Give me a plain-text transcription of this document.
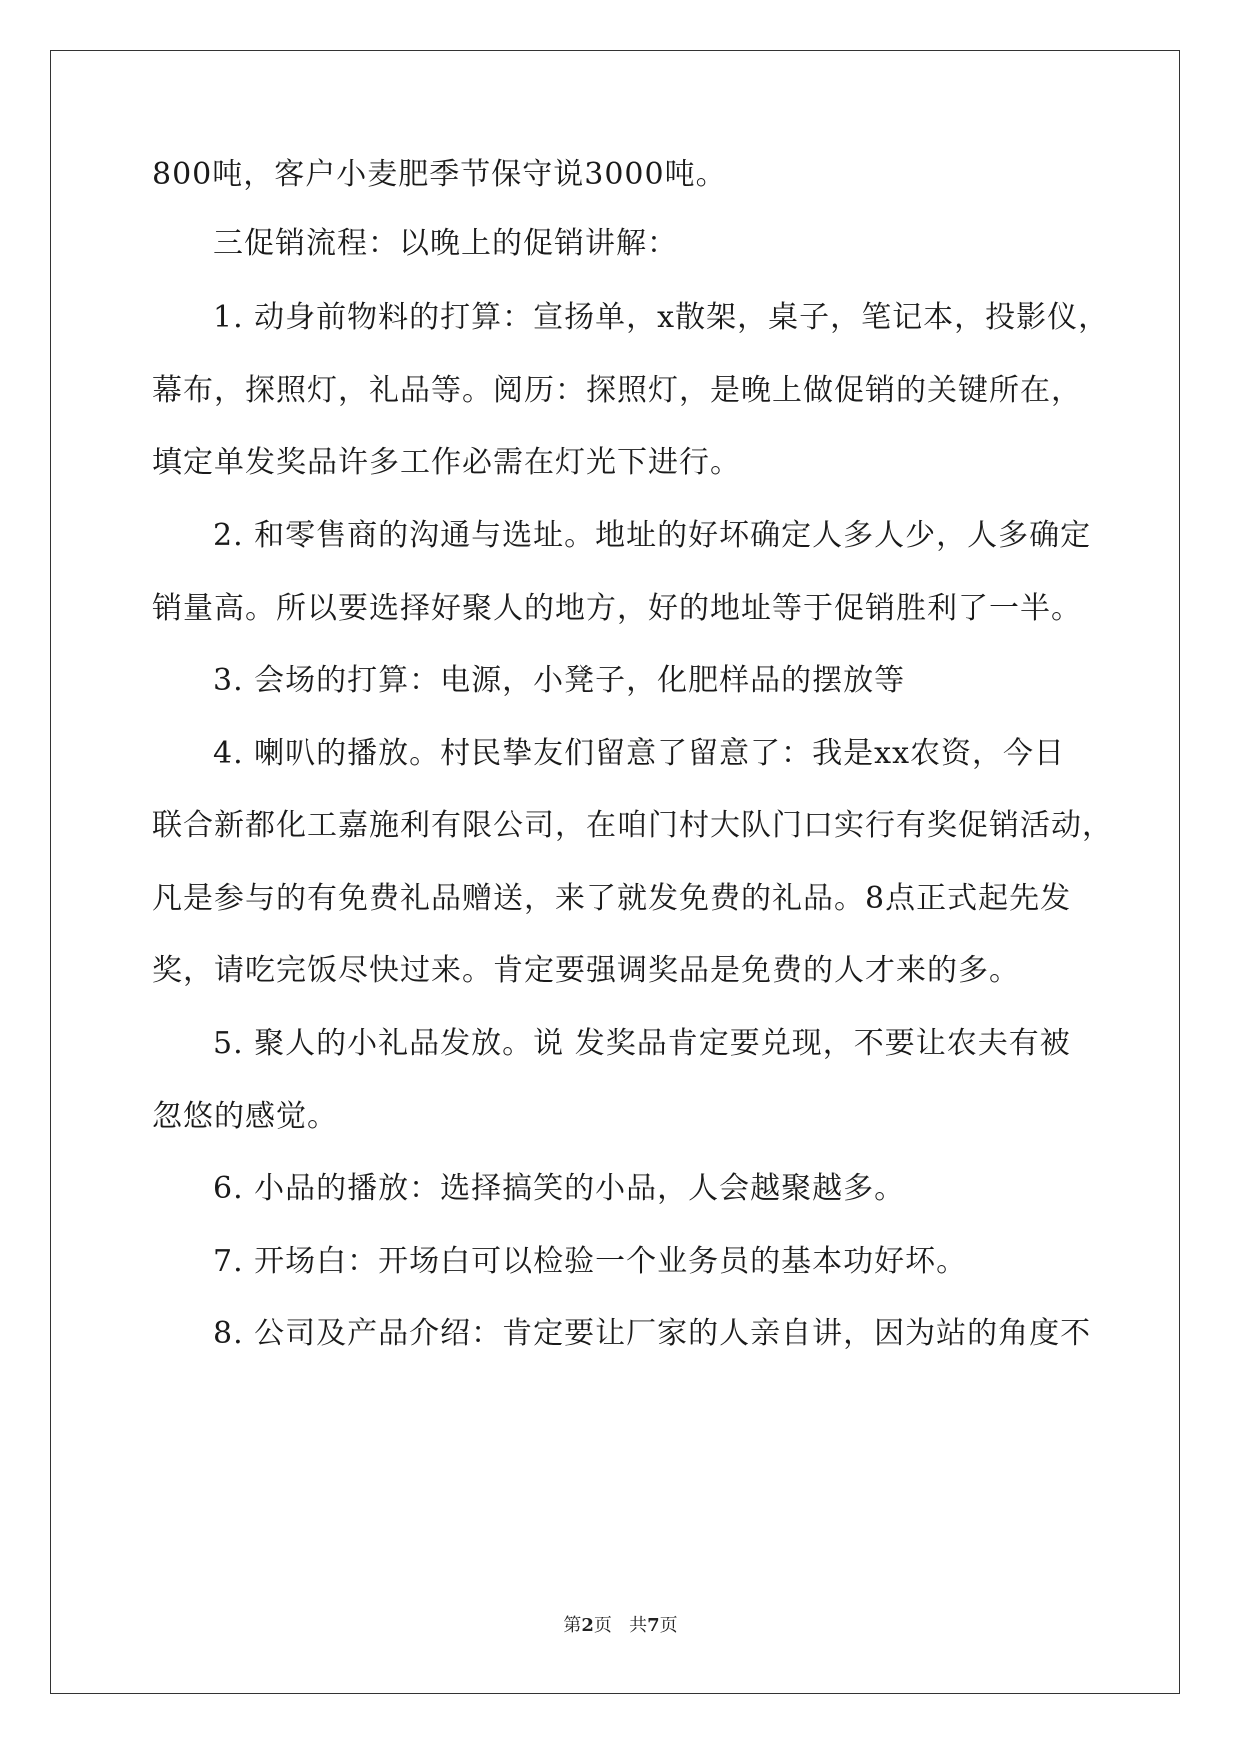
800吨，客户小麦肥季节保守说3000吨。
三促销流程：以晚上的促销讲解：
1. 动身前物料的打算：宣扬单，x散架，桌子，笔记本，投影仪，
幕布，探照灯，礼品等。阅历：探照灯，是晚上做促销的关键所在，
填定单发奖品许多工作必需在灯光下进行。
2. 和零售商的沟通与选址。地址的好坏确定人多人少，人多确定
销量高。所以要选择好聚人的地方，好的地址等于促销胜利了一半。
3. 会场的打算：电源，小凳子，化肥样品的摆放等
4. 喇叭的播放。村民挚友们留意了留意了：我是xx农资，今日
联合新都化工嘉施利有限公司，在咱门村大队门口实行有奖促销活动，
凡是参与的有免费礼品赠送，来了就发免费的礼品。8点正式起先发
奖，请吃完饭尽快过来。肯定要强调奖品是免费的人才来的多。
5. 聚人的小礼品发放。说 发奖品肯定要兑现，不要让农夫有被
忽悠的感觉。
6. 小品的播放：选择搞笑的小品，人会越聚越多。
7. 开场白：开场白可以检验一个业务员的基本功好坏。
8. 公司及产品介绍：肯定要让厂家的人亲自讲，因为站的角度不
第2页 共7页
